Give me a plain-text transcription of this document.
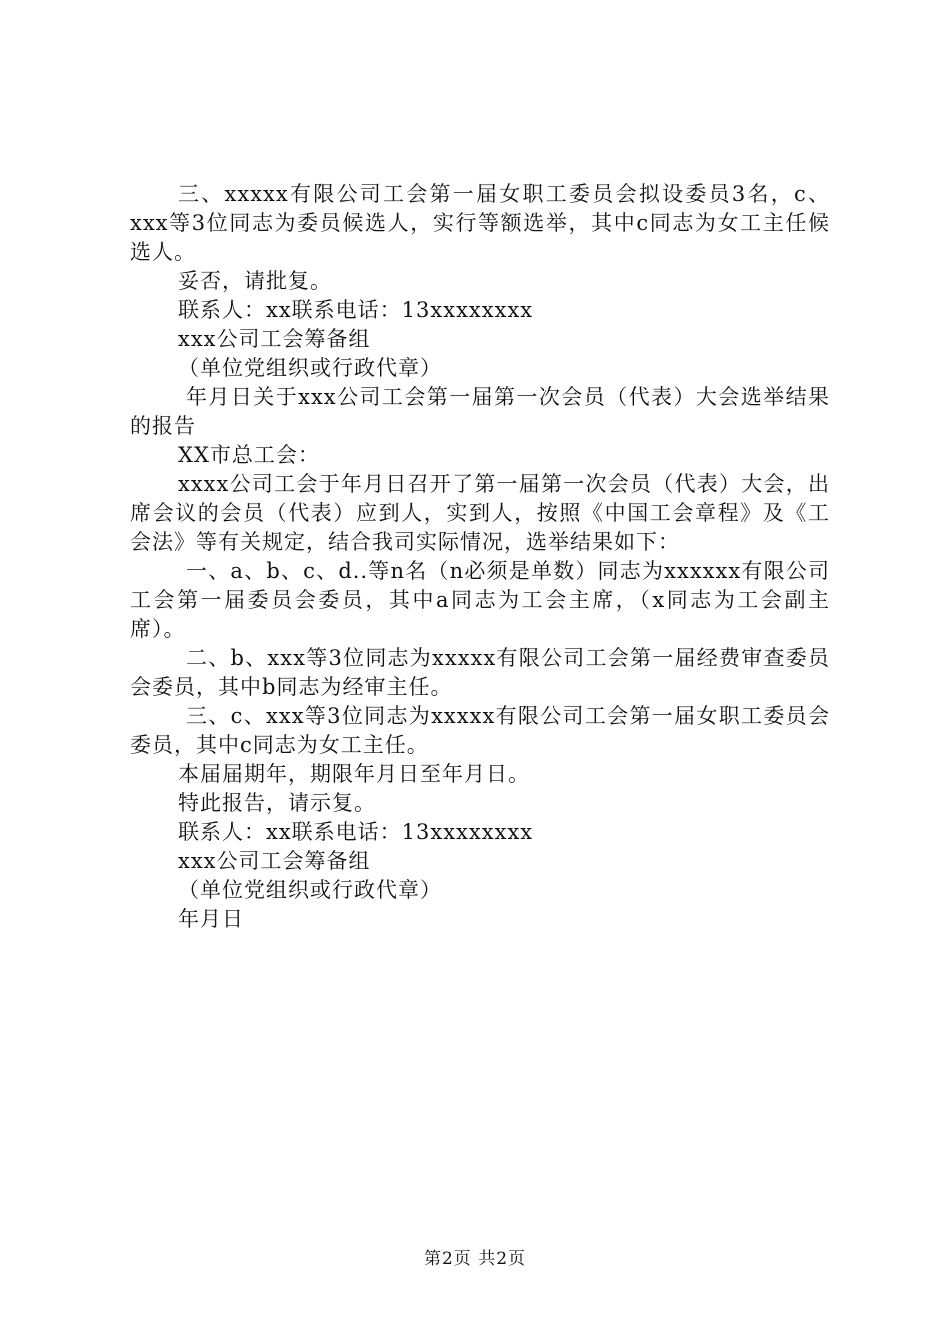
三、xxxxx有限公司工会第一届女职工委员会拟设委员3名，c、xxx等3位同志为委员候选人，实行等额选举，其中c同志为女工主任候选人。

妥否，请批复。

联系人：xx联系电话：13xxxxxxxx

xxx公司工会筹备组

（单位党组织或行政代章）

年月日关于xxx公司工会第一届第一次会员（代表）大会选举结果的报告

XX市总工会：

xxxx公司工会于年月日召开了第一届第一次会员（代表）大会，出席会议的会员（代表）应到人，实到人，按照《中国工会章程》及《工会法》等有关规定，结合我司实际情况，选举结果如下：

一、a、b、c、d..等n名（n必须是单数）同志为xxxxxx有限公司工会第一届委员会委员，其中a同志为工会主席，（x同志为工会副主席）。

二、b、xxx等3位同志为xxxxx有限公司工会第一届经费审查委员会委员，其中b同志为经审主任。

三、c、xxx等3位同志为xxxxx有限公司工会第一届女职工委员会委员，其中c同志为女工主任。

本届届期年，期限年月日至年月日。

特此报告，请示复。

联系人：xx联系电话：13xxxxxxxx

xxx公司工会筹备组

（单位党组织或行政代章）

年月日

第2页 共2页
